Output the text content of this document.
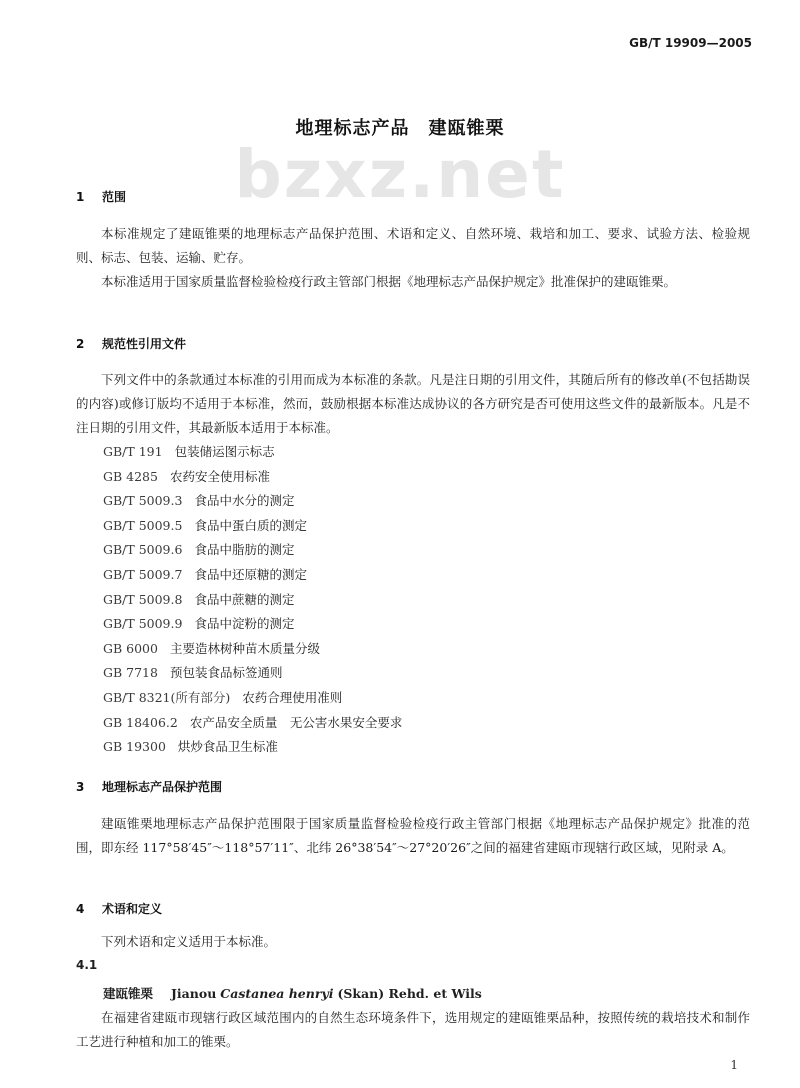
GB/T 19909—2005
地理标志产品　建瓯锥栗
bzxz.net
1 范围
本标准规定了建瓯锥栗的地理标志产品保护范围、术语和定义、自然环境、栽培和加工、要求、试验方法、检验规则、标志、包装、运输、贮存。
本标准适用于国家质量监督检验检疫行政主管部门根据《地理标志产品保护规定》批准保护的建瓯锥栗。
2 规范性引用文件
下列文件中的条款通过本标准的引用而成为本标准的条款。凡是注日期的引用文件，其随后所有的修改单(不包括勘误的内容)或修订版均不适用于本标准，然而，鼓励根据本标准达成协议的各方研究是否可使用这些文件的最新版本。凡是不注日期的引用文件，其最新版本适用于本标准。
GB/T 191 包装储运图示标志
GB 4285 农药安全使用标准
GB/T 5009.3 食品中水分的测定
GB/T 5009.5 食品中蛋白质的测定
GB/T 5009.6 食品中脂肪的测定
GB/T 5009.7 食品中还原糖的测定
GB/T 5009.8 食品中蔗糖的测定
GB/T 5009.9 食品中淀粉的测定
GB 6000 主要造林树种苗木质量分级
GB 7718 预包装食品标签通则
GB/T 8321(所有部分) 农药合理使用准则
GB 18406.2 农产品安全质量　无公害水果安全要求
GB 19300 烘炒食品卫生标准
3 地理标志产品保护范围
建瓯锥栗地理标志产品保护范围限于国家质量监督检验检疫行政主管部门根据《地理标志产品保护规定》批准的范围，即东经 117°58′45″～118°57′11″、北纬 26°38′54″～27°20′26″之间的福建省建瓯市现辖行政区域，见附录 A。
4 术语和定义
下列术语和定义适用于本标准。
4.1
建瓯锥栗 Jianou Castanea henryi (Skan) Rehd. et Wils
在福建省建瓯市现辖行政区域范围内的自然生态环境条件下，选用规定的建瓯锥栗品种，按照传统的栽培技术和制作工艺进行种植和加工的锥栗。
1
